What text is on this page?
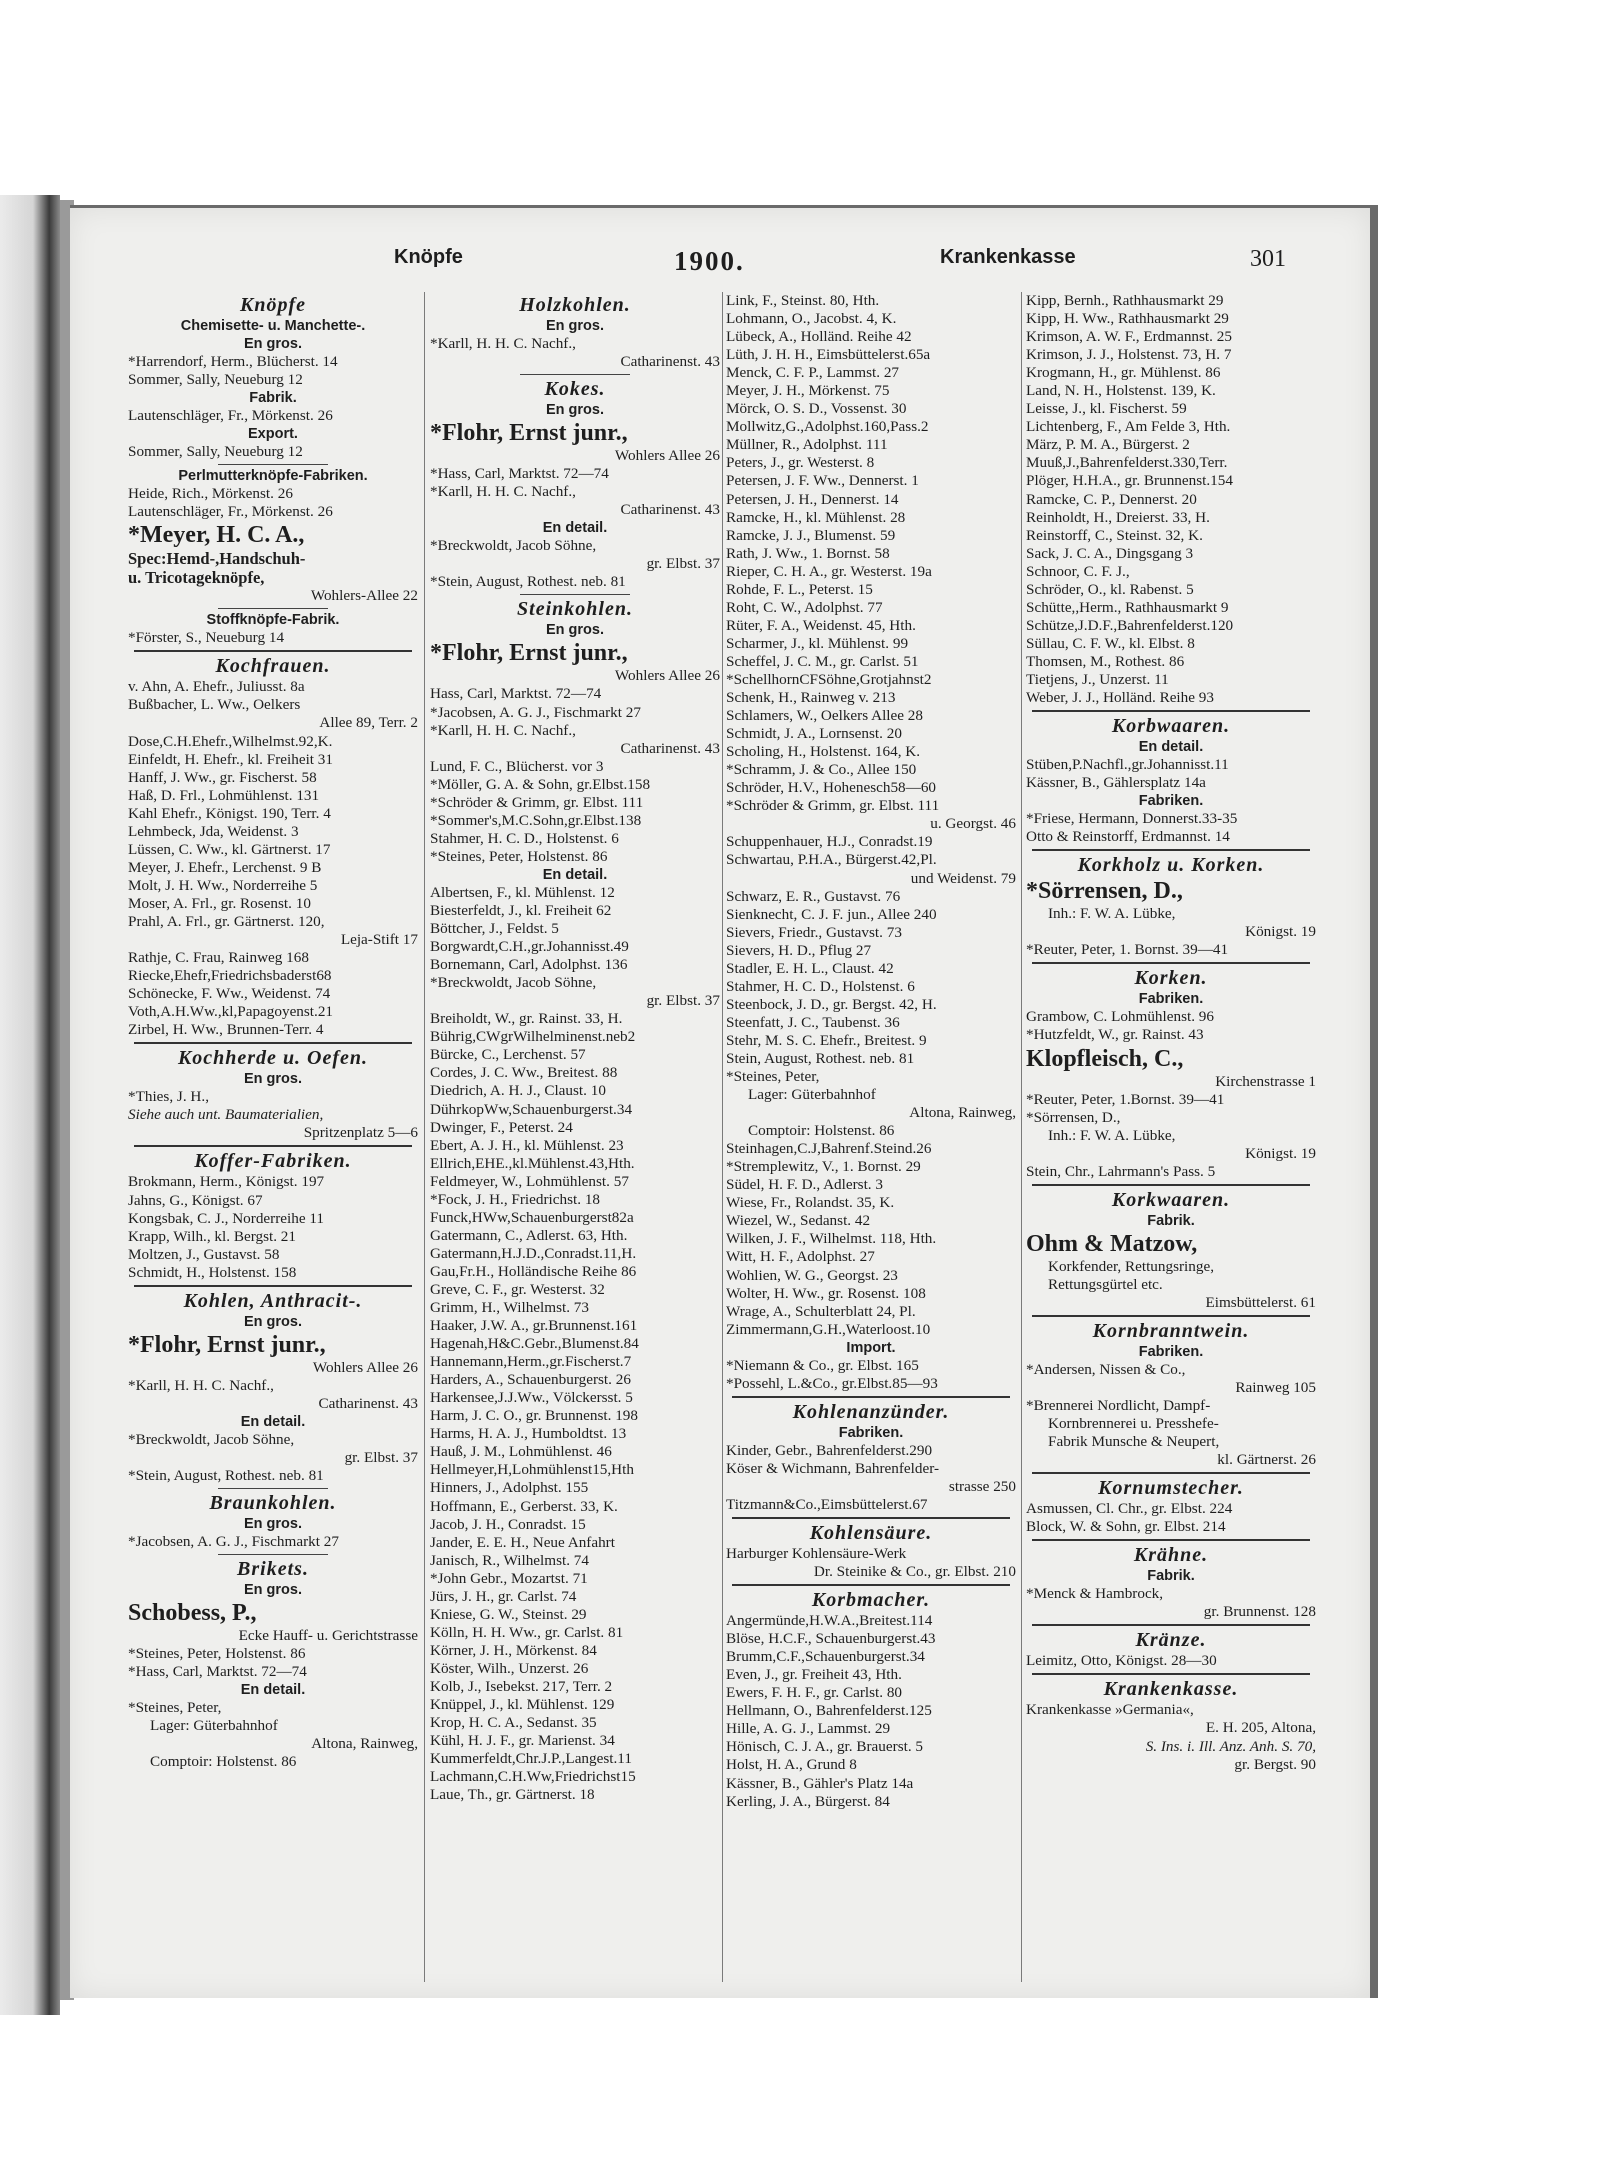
Knöpfe	1900.	Krankenkasse	301
Knöpfe
Chemisette- u. Manchette-.
En gros.
*Harrendorf, Herm., Blücherst. 14
Sommer, Sally, Neueburg 12
Fabrik.
Lautenschläger, Fr., Mörkenst. 26
Export.
Sommer, Sally, Neueburg 12
Perlmutterknöpfe-Fabriken.
Heide, Rich., Mörkenst. 26
Lautenschläger, Fr., Mörkenst. 26
*Meyer, H. C. A.,
Spec:Hemd-,Handschuh-
u. Tricotageknöpfe,
Wohlers-Allee 22
Stoffknöpfe-Fabrik.
*Förster, S., Neueburg 14
Kochfrauen.
v. Ahn, A. Ehefr., Juliusst. 8a
Bußbacher, L. Ww., Oelkers
Allee 89, Terr. 2
Dose,C.H.Ehefr.,Wilhelmst.92,K.
Einfeldt, H. Ehefr., kl. Freiheit 31
Hanff, J. Ww., gr. Fischerst. 58
Haß, D. Frl., Lohmühlenst. 131
Kahl Ehefr., Königst. 190, Terr. 4
Lehmbeck, Jda, Weidenst. 3
Lüssen, C. Ww., kl. Gärtnerst. 17
Meyer, J. Ehefr., Lerchenst. 9 B
Molt, J. H. Ww., Norderreihe 5
Moser, A. Frl., gr. Rosenst. 10
Prahl, A. Frl., gr. Gärtnerst. 120,
Leja-Stift 17
Rathje, C. Frau, Rainweg 168
Riecke,Ehefr,Friedrichsbaderst68
Schönecke, F. Ww., Weidenst. 74
Voth,A.H.Ww.,kl,Papagoyenst.21
Zirbel, H. Ww., Brunnen-Terr. 4
Kochherde u. Oefen.
En gros.
*Thies, J. H.,
Siehe auch unt. Baumaterialien,
Spritzenplatz 5—6
Koffer-Fabriken.
Brokmann, Herm., Königst. 197
Jahns, G., Königst. 67
Kongsbak, C. J., Norderreihe 11
Krapp, Wilh., kl. Bergst. 21
Moltzen, J., Gustavst. 58
Schmidt, H., Holstenst. 158
Kohlen, Anthracit-.
En gros.
*Flohr, Ernst junr.,
Wohlers Allee 26
*Karll, H. H. C. Nachf.,
Catharinenst. 43
En detail.
*Breckwoldt, Jacob Söhne,
gr. Elbst. 37
*Stein, August, Rothest. neb. 81
Braunkohlen.
En gros.
*Jacobsen, A. G. J., Fischmarkt 27
Brikets.
En gros.
Schobess, P.,
Ecke Hauff- u. Gerichtstrasse
*Steines, Peter, Holstenst. 86
*Hass, Carl, Marktst. 72—74
En detail.
*Steines, Peter,
Lager: Güterbahnhof
Altona, Rainweg,
Comptoir: Holstenst. 86
Holzkohlen.
En gros.
*Karll, H. H. C. Nachf.,
Catharinenst. 43
Kokes.
En gros.
*Flohr, Ernst junr.,
Wohlers Allee 26
*Hass, Carl, Marktst. 72—74
*Karll, H. H. C. Nachf.,
Catharinenst. 43
En detail.
*Breckwoldt, Jacob Söhne,
gr. Elbst. 37
*Stein, August, Rothest. neb. 81
Steinkohlen.
En gros.
*Flohr, Ernst junr.,
Wohlers Allee 26
Hass, Carl, Marktst. 72—74
*Jacobsen, A. G. J., Fischmarkt 27
*Karll, H. H. C. Nachf.,
Catharinenst. 43
Lund, F. C., Blücherst. vor 3
*Möller, G. A. & Sohn, gr.Elbst.158
*Schröder & Grimm, gr. Elbst. 111
*Sommer's,M.C.Sohn,gr.Elbst.138
Stahmer, H. C. D., Holstenst. 6
*Steines, Peter, Holstenst. 86
En detail.
Albertsen, F., kl. Mühlenst. 12
Biesterfeldt, J., kl. Freiheit 62
Böttcher, J., Feldst. 5
Borgwardt,C.H.,gr.Johannisst.49
Bornemann, Carl, Adolphst. 136
*Breckwoldt, Jacob Söhne,
gr. Elbst. 37
Breiholdt, W., gr. Rainst. 33, H.
Bührig,CWgrWilhelminenst.neb2
Bürcke, C., Lerchenst. 57
Cordes, J. C. Ww., Breitest. 88
Diedrich, A. H. J., Claust. 10
DührkopWw,Schauenburgerst.34
Dwinger, F., Peterst. 24
Ebert, A. J. H., kl. Mühlenst. 23
Ellrich,EHE.,kl.Mühlenst.43,Hth.
Feldmeyer, W., Lohmühlenst. 57
*Fock, J. H., Friedrichst. 18
Funck,HWw,Schauenburgerst82a
Gatermann, C., Adlerst. 63, Hth.
Gatermann,H.J.D.,Conradst.11,H.
Gau,Fr.H., Holländische Reihe 86
Greve, C. F., gr. Westerst. 32
Grimm, H., Wilhelmst. 73
Haaker, J.W. A., gr.Brunnenst.161
Hagenah,H&C.Gebr.,Blumenst.84
Hannemann,Herm.,gr.Fischerst.7
Harders, A., Schauenburgerst. 26
Harkensee,J.J.Ww., Völckersst. 5
Harm, J. C. O., gr. Brunnenst. 198
Harms, H. A. J., Humboldtst. 13
Hauß, J. M., Lohmühlenst. 46
Hellmeyer,H,Lohmühlenst15,Hth
Hinners, J., Adolphst. 155
Hoffmann, E., Gerberst. 33, K.
Jacob, J. H., Conradst. 15
Jander, E. E. H., Neue Anfahrt
Janisch, R., Wilhelmst. 74
*John Gebr., Mozartst. 71
Jürs, J. H., gr. Carlst. 74
Kniese, G. W., Steinst. 29
Kölln, H. H. Ww., gr. Carlst. 81
Körner, J. H., Mörkenst. 84
Köster, Wilh., Unzerst. 26
Kolb, J., Isebekst. 217, Terr. 2
Knüppel, J., kl. Mühlenst. 129
Krop, H. C. A., Sedanst. 35
Kühl, H. J. F., gr. Marienst. 34
Kummerfeldt,Chr.J.P.,Langest.11
Lachmann,C.H.Ww,Friedrichst15
Laue, Th., gr. Gärtnerst. 18
Link, F., Steinst. 80, Hth.
Lohmann, O., Jacobst. 4, K.
Lübeck, A., Holländ. Reihe 42
Lüth, J. H. H., Eimsbüttelerst.65a
Menck, C. F. P., Lammst. 27
Meyer, J. H., Mörkenst. 75
Mörck, O. S. D., Vossenst. 30
Mollwitz,G.,Adolphst.160,Pass.2
Müllner, R., Adolphst. 111
Peters, J., gr. Westerst. 8
Petersen, J. F. Ww., Dennerst. 1
Petersen, J. H., Dennerst. 14
Ramcke, H., kl. Mühlenst. 28
Ramcke, J. J., Blumenst. 59
Rath, J. Ww., 1. Bornst. 58
Rieper, C. H. A., gr. Westerst. 19a
Rohde, F. L., Peterst. 15
Roht, C. W., Adolphst. 77
Rüter, F. A., Weidenst. 45, Hth.
Scharmer, J., kl. Mühlenst. 99
Scheffel, J. C. M., gr. Carlst. 51
*SchellhornCFSöhne,Grotjahnst2
Schenk, H., Rainweg v. 213
Schlamers, W., Oelkers Allee 28
Schmidt, J. A., Lornsenst. 20
Scholing, H., Holstenst. 164, K.
*Schramm, J. & Co., Allee 150
Schröder, H.V., Hohenesch58—60
*Schröder & Grimm, gr. Elbst. 111
u. Georgst. 46
Schuppenhauer, H.J., Conradst.19
Schwartau, P.H.A., Bürgerst.42,Pl.
und Weidenst. 79
Schwarz, E. R., Gustavst. 76
Sienknecht, C. J. F. jun., Allee 240
Sievers, Friedr., Gustavst. 73
Sievers, H. D., Pflug 27
Stadler, E. H. L., Claust. 42
Stahmer, H. C. D., Holstenst. 6
Steenbock, J. D., gr. Bergst. 42, H.
Steenfatt, J. C., Taubenst. 36
Stehr, M. S. C. Ehefr., Breitest. 9
Stein, August, Rothest. neb. 81
*Steines, Peter,
Lager: Güterbahnhof
Altona, Rainweg,
Comptoir: Holstenst. 86
Steinhagen,C.J,Bahrenf.Steind.26
*Stremplewitz, V., 1. Bornst. 29
Südel, H. F. D., Adlerst. 3
Wiese, Fr., Rolandst. 35, K.
Wiezel, W., Sedanst. 42
Wilken, J. F., Wilhelmst. 118, Hth.
Witt, H. F., Adolphst. 27
Wohlien, W. G., Georgst. 23
Wolter, H. Ww., gr. Rosenst. 108
Wrage, A., Schulterblatt 24, Pl.
Zimmermann,G.H.,Waterloost.10
Import.
*Niemann & Co., gr. Elbst. 165
*Possehl, L.&Co., gr.Elbst.85—93
Kohlenanzünder.
Fabriken.
Kinder, Gebr., Bahrenfelderst.290
Köser & Wichmann, Bahrenfelder-
strasse 250
Titzmann&Co.,Eimsbüttelerst.67
Kohlensäure.
Harburger Kohlensäure-Werk
Dr. Steinike & Co., gr. Elbst. 210
Korbmacher.
Angermünde,H.W.A.,Breitest.114
Blöse, H.C.F., Schauenburgerst.43
Brumm,C.F.,Schauenburgerst.34
Even, J., gr. Freiheit 43, Hth.
Ewers, F. H. F., gr. Carlst. 80
Hellmann, O., Bahrenfelderst.125
Hille, A. G. J., Lammst. 29
Hönisch, C. J. A., gr. Brauerst. 5
Holst, H. A., Grund 8
Kässner, B., Gähler's Platz 14a
Kerling, J. A., Bürgerst. 84
Kipp, Bernh., Rathhausmarkt 29
Kipp, H. Ww., Rathhausmarkt 29
Krimson, A. W. F., Erdmannst. 25
Krimson, J. J., Holstenst. 73, H. 7
Krogmann, H., gr. Mühlenst. 86
Land, N. H., Holstenst. 139, K.
Leisse, J., kl. Fischerst. 59
Lichtenberg, F., Am Felde 3, Hth.
März, P. M. A., Bürgerst. 2
Muuß,J.,Bahrenfelderst.330,Terr.
Plöger, H.H.A., gr. Brunnenst.154
Ramcke, C. P., Dennerst. 20
Reinholdt, H., Dreierst. 33, H.
Reinstorff, C., Steinst. 32, K.
Sack, J. C. A., Dingsgang 3
Schnoor, C. F. J.,
Schröder, O., kl. Rabenst. 5
Schütte,,Herm., Rathhausmarkt 9
Schütze,J.D.F.,Bahrenfelderst.120
Süllau, C. F. W., kl. Elbst. 8
Thomsen, M., Rothest. 86
Tietjens, J., Unzerst. 11
Weber, J. J., Holländ. Reihe 93
Korbwaaren.
En detail.
Stüben,P.Nachfl.,gr.Johannisst.11
Kässner, B., Gählersplatz 14a
Fabriken.
*Friese, Hermann, Donnerst.33-35
Otto & Reinstorff, Erdmannst. 14
Korkholz u. Korken.
*Sörrensen, D.,
Inh.: F. W. A. Lübke,
Königst. 19
*Reuter, Peter, 1. Bornst. 39—41
Korken.
Fabriken.
Grambow, C. Lohmühlenst. 96
*Hutzfeldt, W., gr. Rainst. 43
Klopfleisch, C.,
Kirchenstrasse 1
*Reuter, Peter, 1.Bornst. 39—41
*Sörrensen, D.,
Inh.: F. W. A. Lübke,
Königst. 19
Stein, Chr., Lahrmann's Pass. 5
Korkwaaren.
Fabrik.
Ohm & Matzow,
Korkfender, Rettungsringe,
Rettungsgürtel etc.
Eimsbüttelerst. 61
Kornbranntwein.
Fabriken.
*Andersen, Nissen & Co.,
Rainweg 105
*Brennerei Nordlicht, Dampf-
Kornbrennerei u. Presshefe-
Fabrik Munsche & Neupert,
kl. Gärtnerst. 26
Kornumstecher.
Asmussen, Cl. Chr., gr. Elbst. 224
Block, W. & Sohn, gr. Elbst. 214
Krähne.
Fabrik.
*Menck & Hambrock,
gr. Brunnenst. 128
Kränze.
Leimitz, Otto, Königst. 28—30
Krankenkasse.
Krankenkasse »Germania«,
E. H. 205, Altona,
S. Ins. i. Ill. Anz. Anh. S. 70,
gr. Bergst. 90
